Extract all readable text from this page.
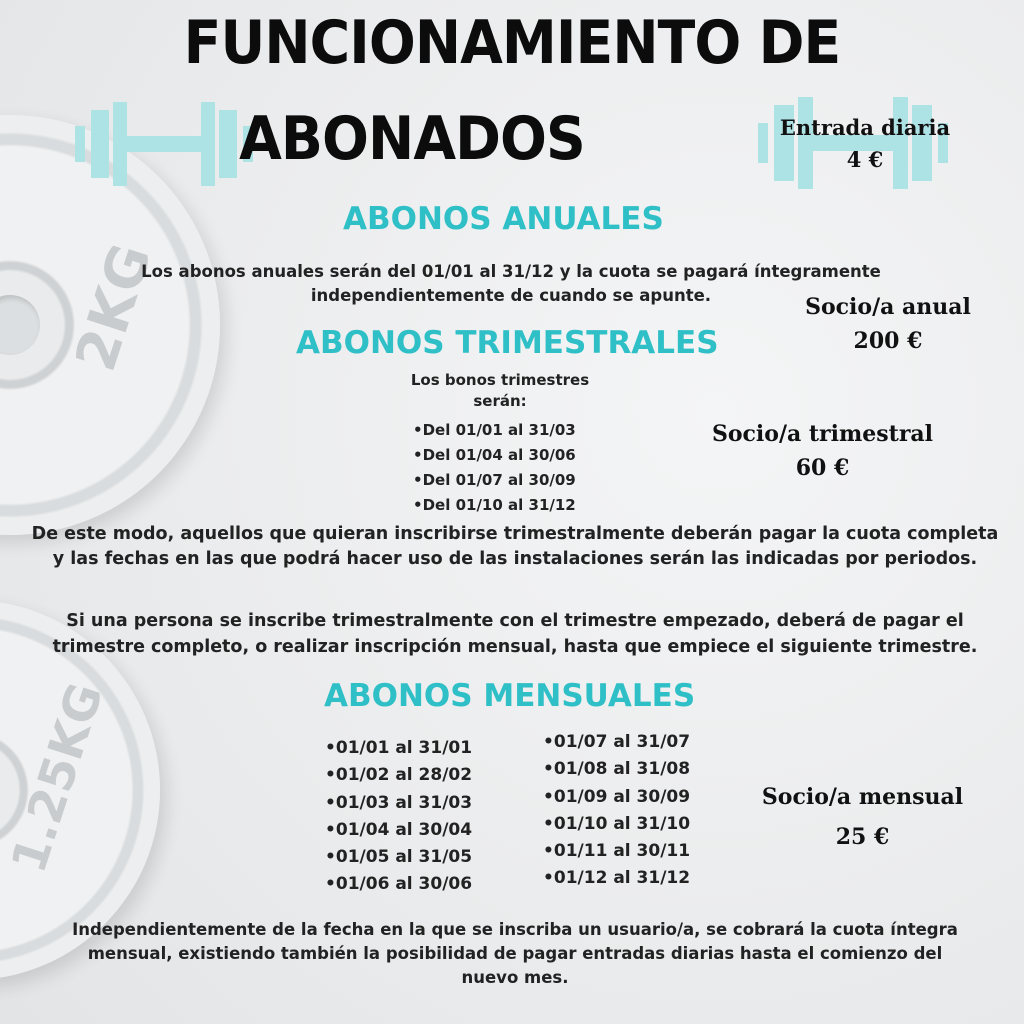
2KG
1.25KG
FUNCIONAMIENTO DE
ABONADOS	Entrada diaria
4 €
ABONOS ANUALES
Los abonos anuales serán del 01/01 al 31/12 y la cuota se pagará íntegramente independientemente de cuando se apunte.	Socio/a anual
200 €
ABONOS TRIMESTRALES
Los bonos trimestres serán:
• Del 01/01 al 31/03
• Del 01/04 al 30/06
• Del 01/07 al 30/09
• Del 01/10 al 31/12
Socio/a trimestral
60 €
De este modo, aquellos que quieran inscribirse trimestralmente deberán pagar la cuota completa y las fechas en las que podrá hacer uso de las instalaciones serán las indicadas por periodos.
Si una persona se inscribe trimestralmente con el trimestre empezado, deberá de pagar el trimestre completo, o realizar inscripción mensual, hasta que empiece el siguiente trimestre.
ABONOS MENSUALES
• 01/01 al 31/01
• 01/02 al 28/02
• 01/03 al 31/03
• 01/04 al 30/04
• 01/05 al 31/05
• 01/06 al 30/06
• 01/07 al 31/07
• 01/08 al 31/08
• 01/09 al 30/09
• 01/10 al 31/10
• 01/11 al 30/11
• 01/12 al 31/12
Socio/a mensual
25 €
Independientemente de la fecha en la que se inscriba un usuario/a, se cobrará la cuota íntegra mensual, existiendo también la posibilidad de pagar entradas diarias hasta el comienzo del nuevo mes.
